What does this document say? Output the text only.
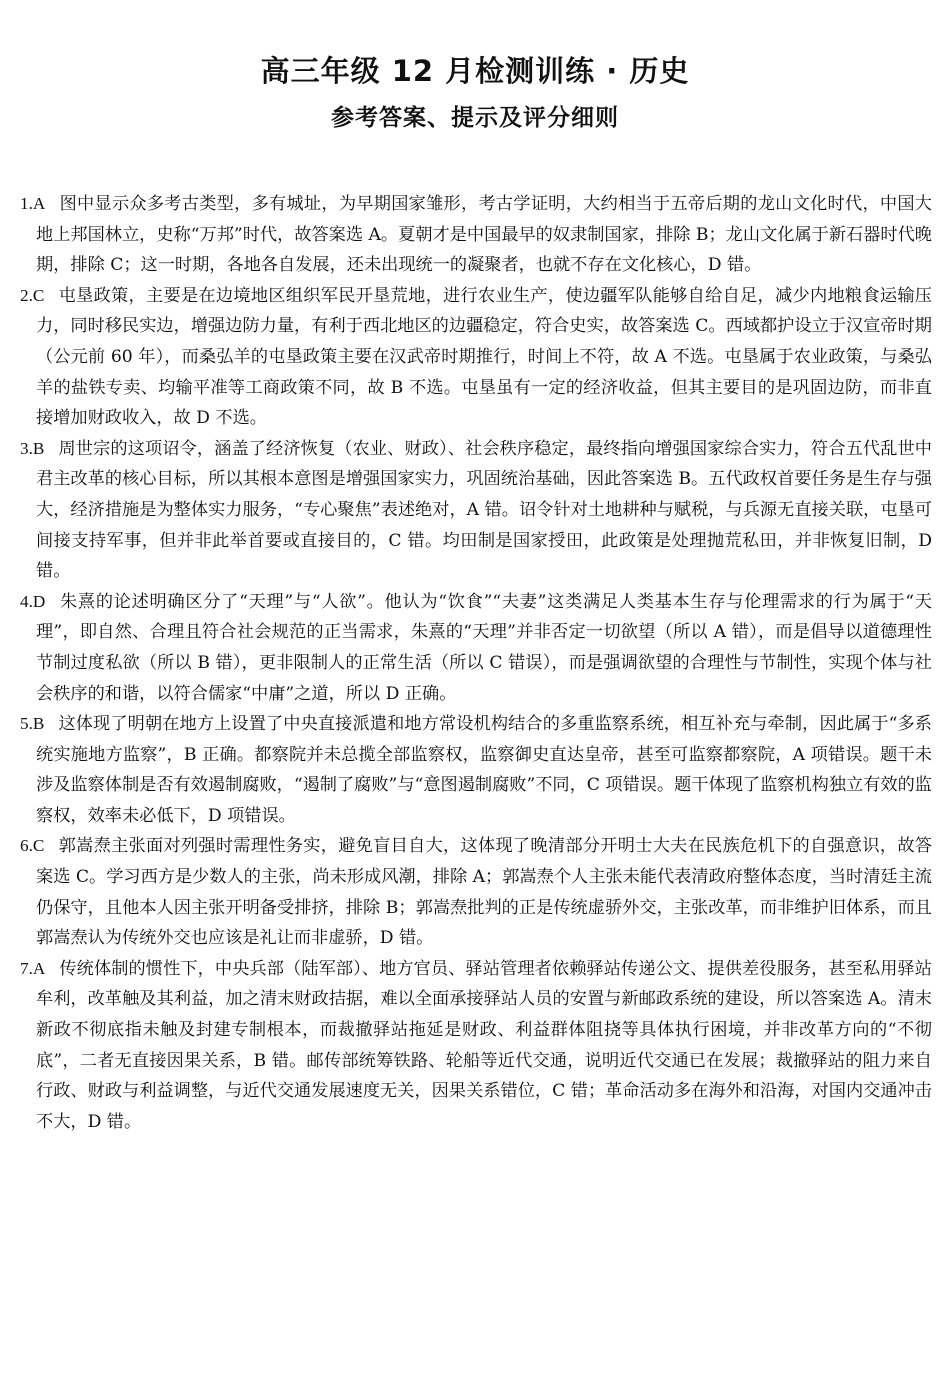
高三年级 12 月检测训练 · 历史
参考答案、提示及评分细则

1.A 图中显示众多考古类型，多有城址，为早期国家雏形，考古学证明，大约相当于五帝后期的龙山文化时代，中国大地上邦国林立，史称“万邦”时代，故答案选 A。夏朝才是中国最早的奴隶制国家，排除 B；龙山文化属于新石器时代晚期，排除 C；这一时期，各地各自发展，还未出现统一的凝聚者，也就不存在文化核心，D 错。

2.C 屯垦政策，主要是在边境地区组织军民开垦荒地，进行农业生产，使边疆军队能够自给自足，减少内地粮食运输压力，同时移民实边，增强边防力量，有利于西北地区的边疆稳定，符合史实，故答案选 C。西域都护设立于汉宣帝时期（公元前 60 年），而桑弘羊的屯垦政策主要在汉武帝时期推行，时间上不符，故 A 不选。屯垦属于农业政策，与桑弘羊的盐铁专卖、均输平准等工商政策不同，故 B 不选。屯垦虽有一定的经济收益，但其主要目的是巩固边防，而非直接增加财政收入，故 D 不选。

3.B 周世宗的这项诏令，涵盖了经济恢复（农业、财政）、社会秩序稳定，最终指向增强国家综合实力，符合五代乱世中君主改革的核心目标，所以其根本意图是增强国家实力，巩固统治基础，因此答案选 B。五代政权首要任务是生存与强大，经济措施是为整体实力服务，“专心聚焦”表述绝对，A 错。诏令针对土地耕种与赋税，与兵源无直接关联，屯垦可间接支持军事，但并非此举首要或直接目的，C 错。均田制是国家授田，此政策是处理抛荒私田，并非恢复旧制，D 错。

4.D 朱熹的论述明确区分了“天理”与“人欲”。他认为“饮食”“夫妻”这类满足人类基本生存与伦理需求的行为属于“天理”，即自然、合理且符合社会规范的正当需求，朱熹的“天理”并非否定一切欲望（所以 A 错），而是倡导以道德理性节制过度私欲（所以 B 错），更非限制人的正常生活（所以 C 错误），而是强调欲望的合理性与节制性，实现个体与社会秩序的和谐，以符合儒家“中庸”之道，所以 D 正确。

5.B 这体现了明朝在地方上设置了中央直接派遣和地方常设机构结合的多重监察系统，相互补充与牵制，因此属于“多系统实施地方监察”，B 正确。都察院并未总揽全部监察权，监察御史直达皇帝，甚至可监察都察院，A 项错误。题干未涉及监察体制是否有效遏制腐败，“遏制了腐败”与“意图遏制腐败”不同，C 项错误。题干体现了监察机构独立有效的监察权，效率未必低下，D 项错误。

6.C 郭嵩焘主张面对列强时需理性务实，避免盲目自大，这体现了晚清部分开明士大夫在民族危机下的自强意识，故答案选 C。学习西方是少数人的主张，尚未形成风潮，排除 A；郭嵩焘个人主张未能代表清政府整体态度，当时清廷主流仍保守，且他本人因主张开明备受排挤，排除 B；郭嵩焘批判的正是传统虚骄外交，主张改革，而非维护旧体系，而且郭嵩焘认为传统外交也应该是礼让而非虚骄，D 错。

7.A 传统体制的惯性下，中央兵部（陆军部）、地方官员、驿站管理者依赖驿站传递公文、提供差役服务，甚至私用驿站牟利，改革触及其利益，加之清末财政拮据，难以全面承接驿站人员的安置与新邮政系统的建设，所以答案选 A。清末新政不彻底指未触及封建专制根本，而裁撤驿站拖延是财政、利益群体阻挠等具体执行困境，并非改革方向的“不彻底”，二者无直接因果关系，B 错。邮传部统筹铁路、轮船等近代交通，说明近代交通已在发展；裁撤驿站的阻力来自行政、财政与利益调整，与近代交通发展速度无关，因果关系错位，C 错；革命活动多在海外和沿海，对国内交通冲击不大，D 错。
